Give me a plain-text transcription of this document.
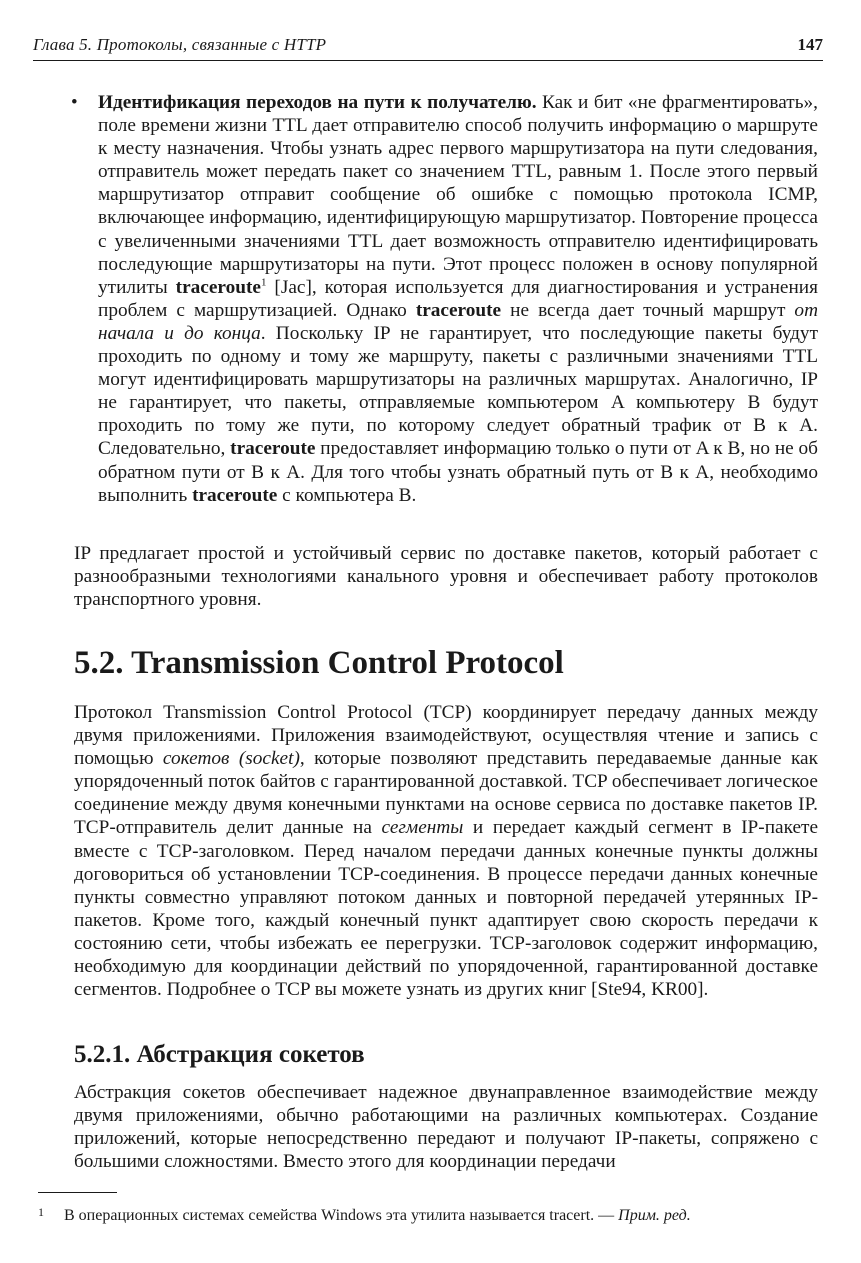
Глава 5. Протоколы, связанные с HTTP	147
• Идентификация переходов на пути к получателю. Как и бит «не фрагментировать», поле времени жизни TTL дает отправителю способ получить информацию о маршруте к месту назначения. Чтобы узнать адрес первого маршрутизатора на пути следования, отправитель может передать пакет со значением TTL, равным 1. После этого первый маршрутизатор отправит сообщение об ошибке с помощью протокола ICMP, включающее информацию, идентифицирующую маршрутизатор. Повторение процесса с увеличенными значениями TTL дает возможность отправителю идентифицировать последующие маршрутизаторы на пути. Этот процесс положен в основу популярной утилиты traceroute$^1$ [Jac], которая используется для диагностирования и устранения проблем с маршрутизацией. Однако traceroute не всегда дает точный маршрут от начала и до конца. Поскольку IP не гарантирует, что последующие пакеты будут проходить по одному и тому же маршруту, пакеты с различными значениями TTL могут идентифицировать маршрутизаторы на различных маршрутах. Аналогично, IP не гарантирует, что пакеты, отправляемые компьютером A компьютеру B будут проходить по тому же пути, по которому следует обратный трафик от B к A. Следовательно, traceroute предоставляет информацию только о пути от A к B, но не об обратном пути от B к A. Для того чтобы узнать обратный путь от B к A, необходимо выполнить traceroute с компьютера B.

IP предлагает простой и устойчивый сервис по доставке пакетов, который работает с разнообразными технологиями канального уровня и обеспечивает работу протоколов транспортного уровня.

5.2. Transmission Control Protocol

Протокол Transmission Control Protocol (TCP) координирует передачу данных между двумя приложениями. Приложения взаимодействуют, осуществляя чтение и запись с помощью сокетов (socket), которые позволяют представить передаваемые данные как упорядоченный поток байтов с гарантированной доставкой. TCP обеспечивает логическое соединение между двумя конечными пунктами на основе сервиса по доставке пакетов IP. TCP-отправитель делит данные на сегменты и передает каждый сегмент в IP-пакете вместе с TCP-заголовком. Перед началом передачи данных конечные пункты должны договориться об установлении TCP-соединения. В процессе передачи данных конечные пункты совместно управляют потоком данных и повторной передачей утерянных IP-пакетов. Кроме того, каждый конечный пункт адаптирует свою скорость передачи к состоянию сети, чтобы избежать ее перегрузки. TCP-заголовок содержит информацию, необходимую для координации действий по упорядоченной, гарантированной доставке сегментов. Подробнее о TCP вы можете узнать из других книг [Ste94, KR00].

5.2.1. Абстракция сокетов

Абстракция сокетов обеспечивает надежное двунаправленное взаимодействие между двумя приложениями, обычно работающими на различных компьютерах. Создание приложений, которые непосредственно передают и получают IP-пакеты, сопряжено с большими сложностями. Вместо этого для координации передачи

1 В операционных системах семейства Windows эта утилита называется tracert. — Прим. ред.
